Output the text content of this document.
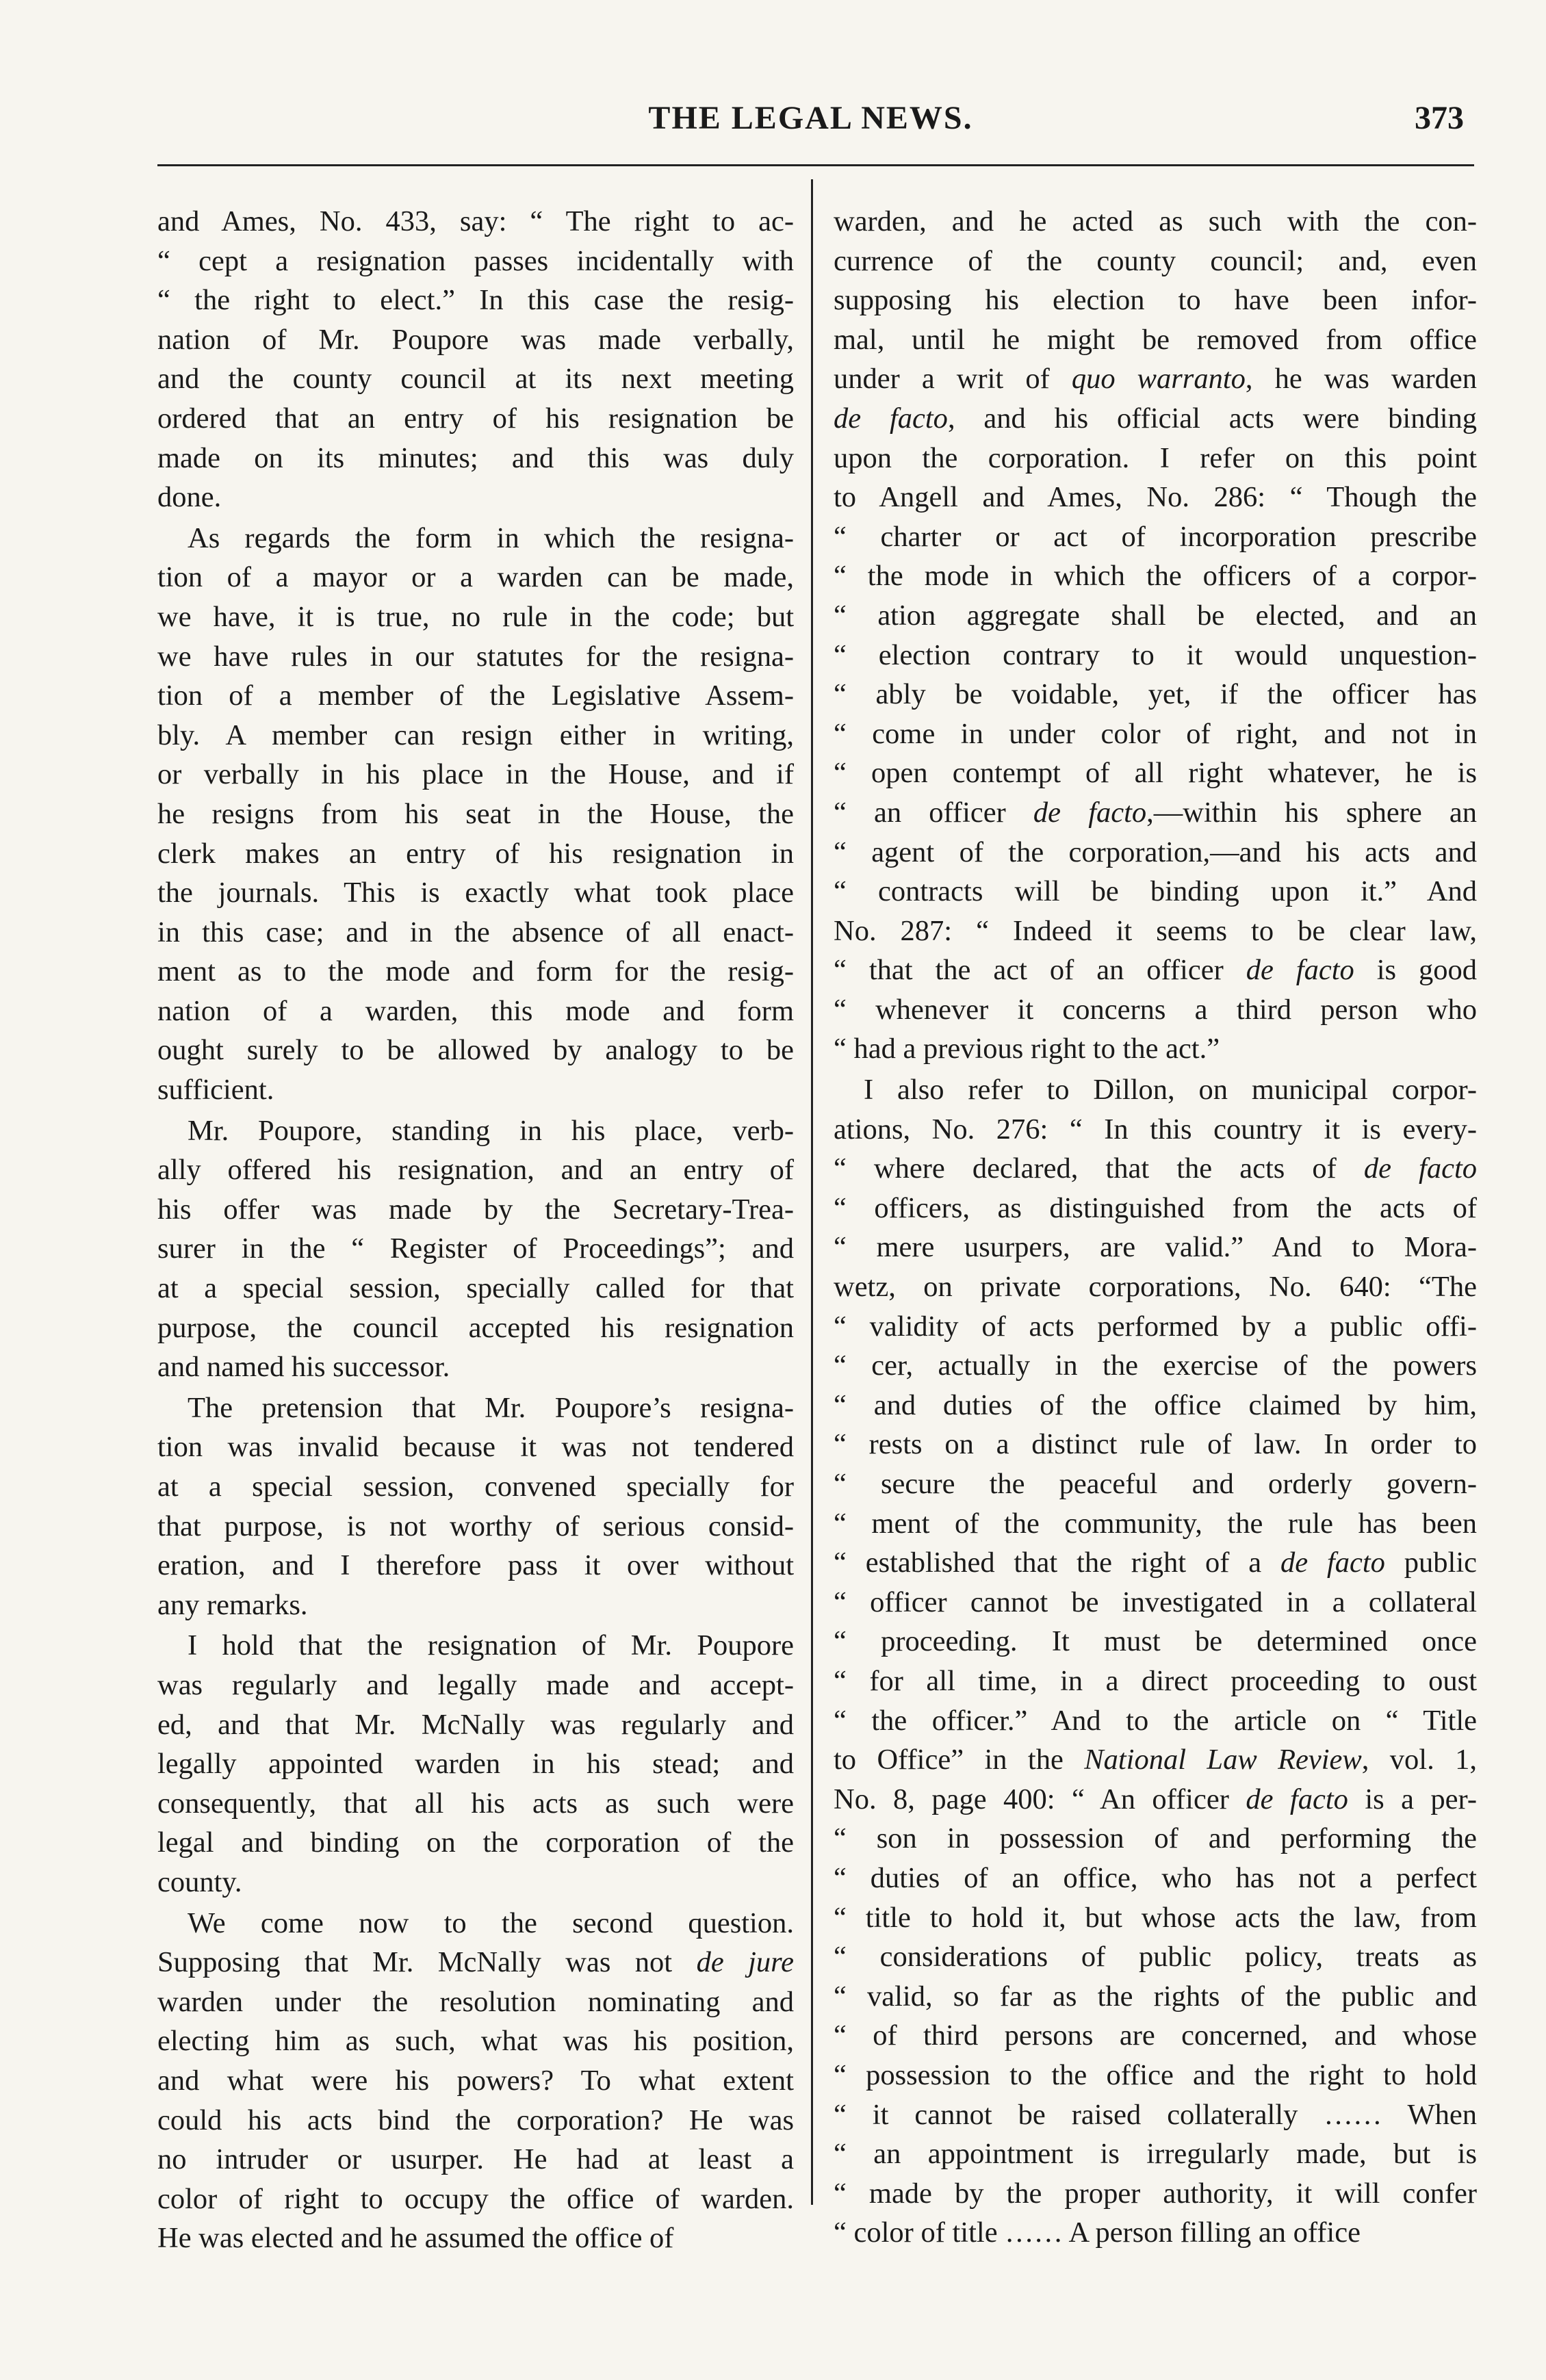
THE LEGAL NEWS.	373
and Ames, No. 433, say: “ The right to ac-
“ cept a resignation passes incidentally with
“ the right to elect.” In this case the resig-
nation of Mr. Poupore was made verbally,
and the county council at its next meeting
ordered that an entry of his resignation be
made on its minutes; and this was duly
done.
As regards the form in which the resigna-
tion of a mayor or a warden can be made,
we have, it is true, no rule in the code; but
we have rules in our statutes for the resigna-
tion of a member of the Legislative Assem-
bly. A member can resign either in writing,
or verbally in his place in the House, and if
he resigns from his seat in the House, the
clerk makes an entry of his resignation in
the journals. This is exactly what took place
in this case; and in the absence of all enact-
ment as to the mode and form for the resig-
nation of a warden, this mode and form
ought surely to be allowed by analogy to be
sufficient.
Mr. Poupore, standing in his place, verb-
ally offered his resignation, and an entry of
his offer was made by the Secretary-Trea-
surer in the “ Register of Proceedings”; and
at a special session, specially called for that
purpose, the council accepted his resignation
and named his successor.
The pretension that Mr. Poupore’s resigna-
tion was invalid because it was not tendered
at a special session, convened specially for
that purpose, is not worthy of serious consid-
eration, and I therefore pass it over without
any remarks.
I hold that the resignation of Mr. Poupore
was regularly and legally made and accept-
ed, and that Mr. McNally was regularly and
legally appointed warden in his stead; and
consequently, that all his acts as such were
legal and binding on the corporation of the
county.
We come now to the second question.
Supposing that Mr. McNally was not de jure
warden under the resolution nominating and
electing him as such, what was his position,
and what were his powers? To what extent
could his acts bind the corporation? He was
no intruder or usurper. He had at least a
color of right to occupy the office of warden.
He was elected and he assumed the office of
warden, and he acted as such with the con-
currence of the county council; and, even
supposing his election to have been infor-
mal, until he might be removed from office
under a writ of quo warranto, he was warden
de facto, and his official acts were binding
upon the corporation. I refer on this point
to Angell and Ames, No. 286: “ Though the
“ charter or act of incorporation prescribe
“ the mode in which the officers of a corpor-
“ ation aggregate shall be elected, and an
“ election contrary to it would unquestion-
“ ably be voidable, yet, if the officer has
“ come in under color of right, and not in
“ open contempt of all right whatever, he is
“ an officer de facto,—within his sphere an
“ agent of the corporation,—and his acts and
“ contracts will be binding upon it.” And
No. 287: “ Indeed it seems to be clear law,
“ that the act of an officer de facto is good
“ whenever it concerns a third person who
“ had a previous right to the act.”
I also refer to Dillon, on municipal corpor-
ations, No. 276: “ In this country it is every-
“ where declared, that the acts of de facto
“ officers, as distinguished from the acts of
“ mere usurpers, are valid.” And to Mora-
wetz, on private corporations, No. 640: “The
“ validity of acts performed by a public offi-
“ cer, actually in the exercise of the powers
“ and duties of the office claimed by him,
“ rests on a distinct rule of law. In order to
“ secure the peaceful and orderly govern-
“ ment of the community, the rule has been
“ established that the right of a de facto public
“ officer cannot be investigated in a collateral
“ proceeding. It must be determined once
“ for all time, in a direct proceeding to oust
“ the officer.” And to the article on “ Title
to Office” in the National Law Review, vol. 1,
No. 8, page 400: “ An officer de facto is a per-
“ son in possession of and performing the
“ duties of an office, who has not a perfect
“ title to hold it, but whose acts the law, from
“ considerations of public policy, treats as
“ valid, so far as the rights of the public and
“ of third persons are concerned, and whose
“ possession to the office and the right to hold
“ it cannot be raised collaterally …… When
“ an appointment is irregularly made, but is
“ made by the proper authority, it will confer
“ color of title …… A person filling an office
